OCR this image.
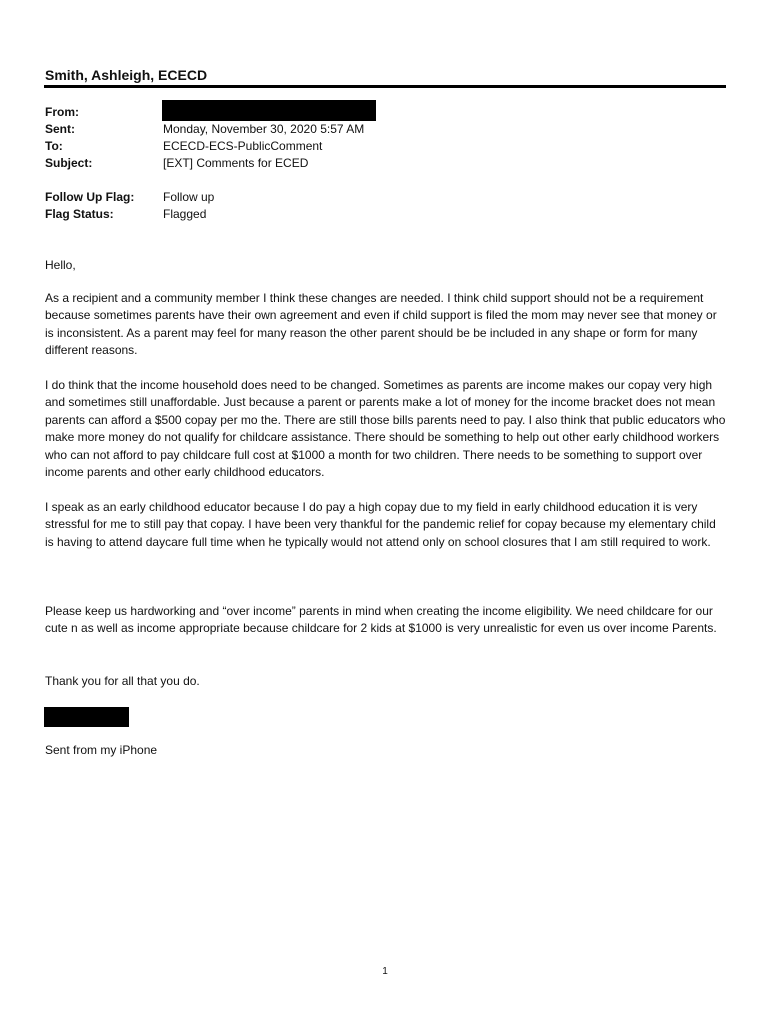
Smith, Ashleigh, ECECD
From:
Sent:	Monday, November 30, 2020 5:57 AM
To:	ECECD-ECS-PublicComment
Subject:	[EXT] Comments for ECED
Follow Up Flag: Follow up
Flag Status:	Flagged

Hello,

As a recipient and a community member I think these changes are needed. I think child support should not be a requirement because sometimes parents have their own agreement and even if child support is filed the mom may never see that money or is inconsistent. As a parent may feel for many reason the other parent should be be included in any shape or form for many different reasons.

I do think that the income household does need to be changed. Sometimes as parents are income makes our copay very high and sometimes still unaffordable. Just because a parent or parents make a lot of money for the income bracket does not mean parents can afford a $500 copay per mo the. There are still those bills parents need to pay. I also think that public educators who make more money do not qualify for childcare assistance. There should be something to help out other early childhood workers who can not afford to pay childcare full cost at $1000 a month for two children. There needs to be something to support over income parents and other early childhood educators.

I speak as an early childhood educator because I do pay a high copay due to my field in early childhood education it is very stressful for me to still pay that copay. I have been very thankful for the pandemic relief for copay because my elementary child is having to attend daycare full time when he typically would not attend only on school closures that I am still required to work.

Please keep us hardworking and “over income” parents in mind when creating the income eligibility. We need childcare for our cute n as well as income appropriate because childcare for 2 kids at $1000 is very unrealistic for even us over income Parents.

Thank you for all that you do.

Sent from my iPhone

1
